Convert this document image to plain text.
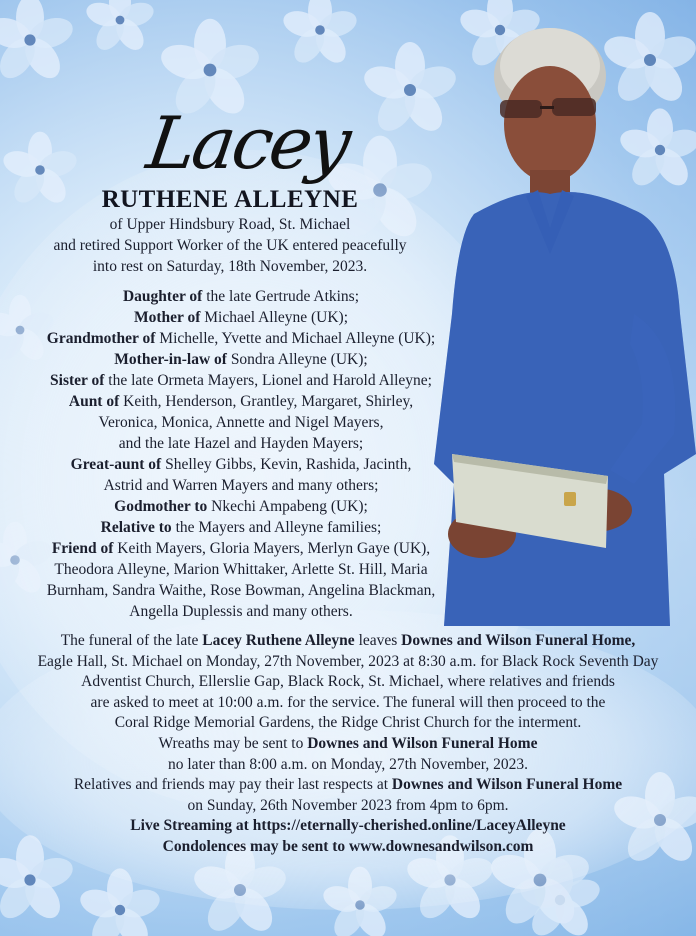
Lacey
RUTHENE ALLEYNE
of Upper Hindsbury Road, St. Michael
and retired Support Worker of the UK entered peacefully
into rest on Saturday, 18th November, 2023.
Daughter of the late Gertrude Atkins;
Mother of Michael Alleyne (UK);
Grandmother of Michelle, Yvette and Michael Alleyne (UK);
Mother-in-law of Sondra Alleyne (UK);
Sister of the late Ormeta Mayers, Lionel and Harold Alleyne;
Aunt of Keith, Henderson, Grantley, Margaret, Shirley,
Veronica, Monica, Annette and Nigel Mayers,
and the late Hazel and Hayden Mayers;
Great-aunt of Shelley Gibbs, Kevin, Rashida, Jacinth,
Astrid and Warren Mayers and many others;
Godmother to Nkechi Ampabeng (UK);
Relative to the Mayers and Alleyne families;
Friend of Keith Mayers, Gloria Mayers, Merlyn Gaye (UK),
Theodora Alleyne, Marion Whittaker, Arlette St. Hill, Maria
Burnham, Sandra Waithe, Rose Bowman, Angelina Blackman,
Angella Duplessis and many others.
The funeral of the late Lacey Ruthene Alleyne leaves Downes and Wilson Funeral Home,
Eagle Hall, St. Michael on Monday, 27th November, 2023 at 8:30 a.m. for Black Rock Seventh Day
Adventist Church, Ellerslie Gap, Black Rock, St. Michael, where relatives and friends
are asked to meet at 10:00 a.m. for the service. The funeral will then proceed to the
Coral Ridge Memorial Gardens, the Ridge Christ Church for the interment.
Wreaths may be sent to Downes and Wilson Funeral Home
no later than 8:00 a.m. on Monday, 27th November, 2023.
Relatives and friends may pay their last respects at Downes and Wilson Funeral Home
on Sunday, 26th November 2023 from 4pm to 6pm.
Live Streaming at https://eternally-cherished.online/LaceyAlleyne
Condolences may be sent to www.downesandwilson.com
